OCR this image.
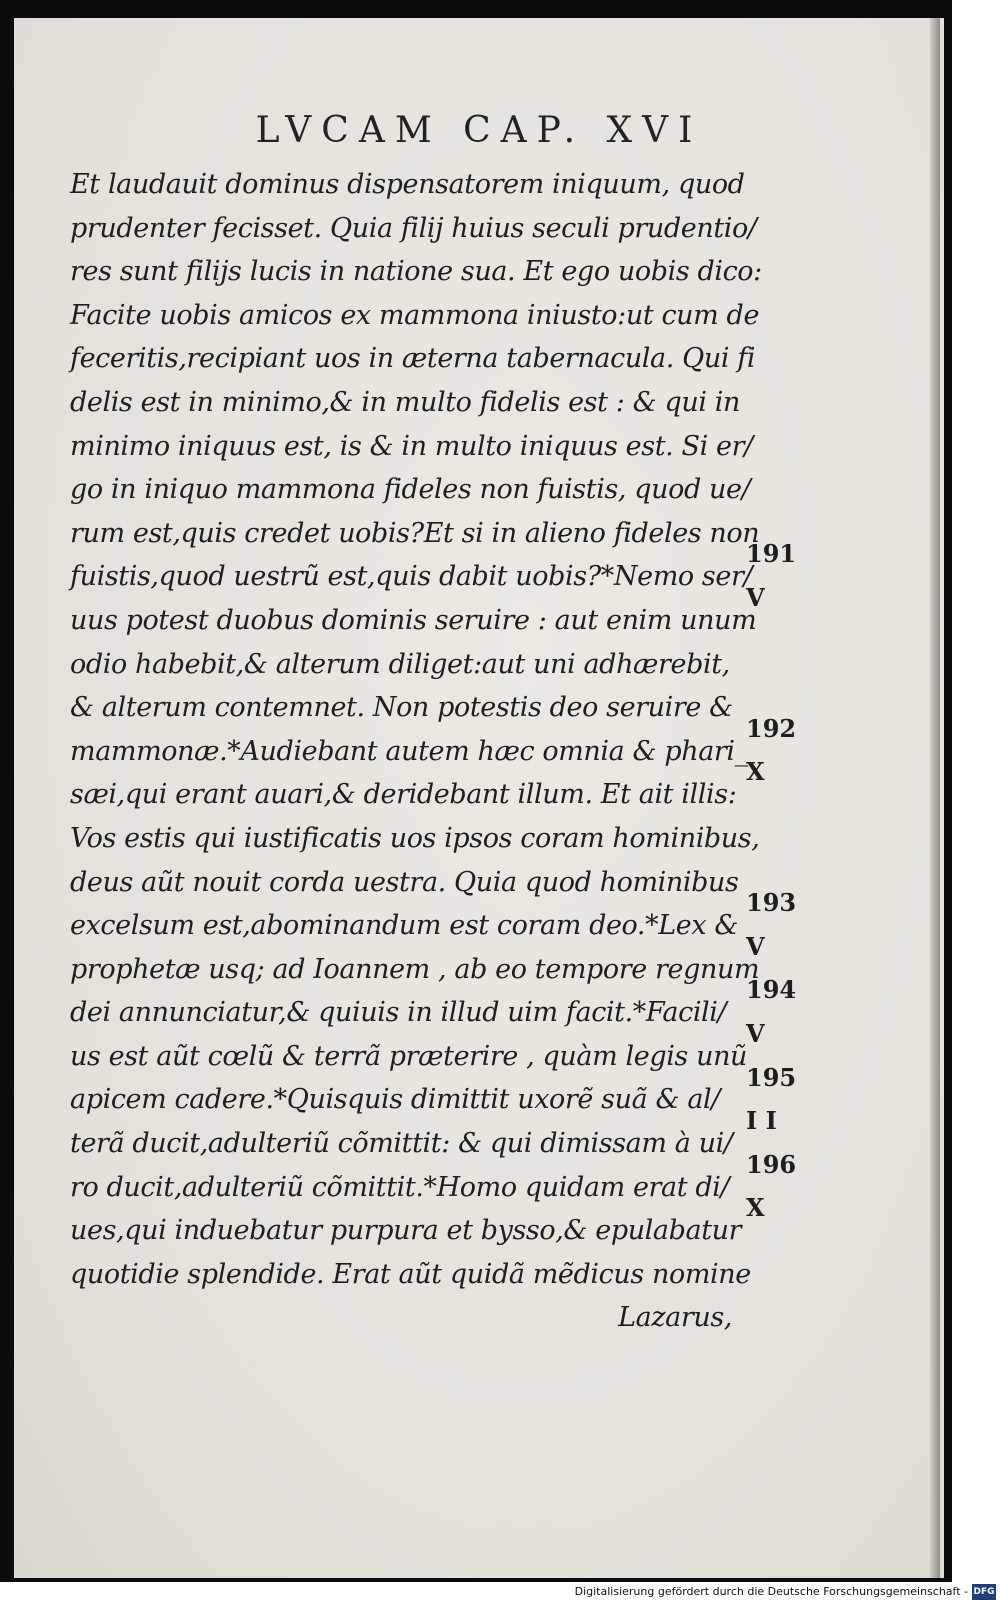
LVCAM CAP. XVI
Et laudauit dominus dispensatorem iniquum, quod
prudenter fecisset. Quia filij huius seculi prudentio/
res sunt filijs lucis in natione sua. Et ego uobis dico:
Facite uobis amicos ex mammona iniusto:ut cum de
feceritis,recipiant uos in æterna tabernacula. Qui fi
delis est in minimo,& in multo fidelis est : & qui in
minimo iniquus est, is & in multo iniquus est. Si er/
go in iniquo mammona fideles non fuistis, quod ue/
rum est,quis credet uobis?Et si in alieno fideles non
fuistis,quod uestrũ est,quis dabit uobis?*Nemo ser/
uus potest duobus dominis seruire : aut enim unum
odio habebit,& alterum diliget:aut uni adhærebit,
& alterum contemnet. Non potestis deo seruire &
mammonæ.*Audiebant autem hæc omnia & phari_
sæi,qui erant auari,& deridebant illum. Et ait illis:
Vos estis qui iustificatis uos ipsos coram hominibus,
deus aũt nouit corda uestra. Quia quod hominibus
excelsum est,abominandum est coram deo.*Lex &
prophetæ usq; ad Ioannem , ab eo tempore regnum
dei annunciatur,& quiuis in illud uim facit.*Facili/
us est aũt cœlũ & terrã præterire , quàm legis unũ
apicem cadere.*Quisquis dimittit uxorẽ suã & al/
terã ducit,adulteriũ cõmittit: & qui dimissam à ui/
ro ducit,adulteriũ cõmittit.*Homo quidam erat di/
ues,qui induebatur purpura et bysso,& epulabatur
quotidie splendide. Erat aũt quidã mẽdicus nomine
Lazarus,
191
V
192
X
193
V
194
V
195
I I
196
X
Digitalisierung gefördert durch die Deutsche Forschungsgemeinschaft - DFG
